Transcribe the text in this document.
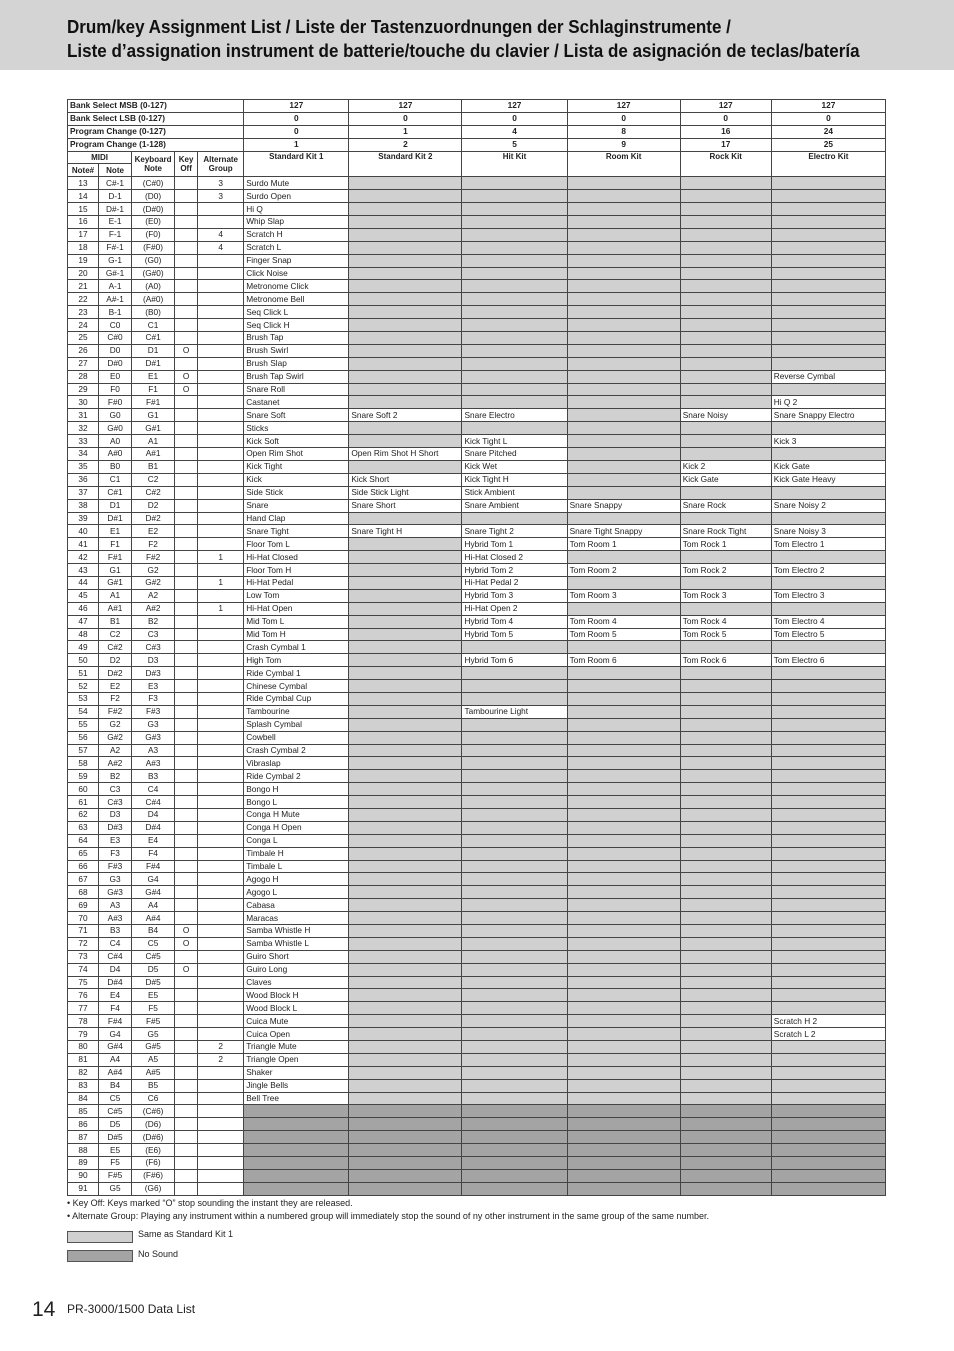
Drum/key Assignment List / Liste der Tastenzuordnungen der Schlaginstrumente /
Liste d’assignation instrument de batterie/touche du clavier / Lista de asignación de teclas/batería
Bank Select MSB (0-127)					127	127	127	127	127	127
Bank Select LSB (0-127)					0	0	0	0	0	0
Program Change (0-127)					0	1	4	8	16	24
Program Change (1-128)					1	2	5	9	17	25
MIDI		Keyboard Note	Key Off	Alternate Group	Standard Kit 1	Standard Kit 2	Hit Kit	Room Kit	Rock Kit	Electro Kit
Note#	Note									
13	C#-1	(C#0)		3	Surdo Mute					
14	D-1	(D0)		3	Surdo Open					
15	D#-1	(D#0)			Hi Q					
16	E-1	(E0)			Whip Slap					
17	F-1	(F0)		4	Scratch H					
18	F#-1	(F#0)		4	Scratch L					
19	G-1	(G0)			Finger Snap					
20	G#-1	(G#0)			Click Noise					
21	A-1	(A0)			Metronome Click					
22	A#-1	(A#0)			Metronome Bell					
23	B-1	(B0)			Seq Click L					
24	C0	C1			Seq Click H					
25	C#0	C#1			Brush Tap					
26	D0	D1	O		Brush Swirl					
27	D#0	D#1			Brush Slap					
28	E0	E1	O		Brush Tap Swirl					Reverse Cymbal
29	F0	F1	O		Snare Roll					
30	F#0	F#1			Castanet					Hi Q 2
31	G0	G1			Snare Soft	Snare Soft 2	Snare Electro		Snare Noisy	Snare Snappy Electro
32	G#0	G#1			Sticks					
33	A0	A1			Kick Soft		Kick Tight L			Kick 3
34	A#0	A#1			Open Rim Shot	Open Rim Shot H Short	Snare Pitched			
35	B0	B1			Kick Tight		Kick Wet		Kick 2	Kick Gate
36	C1	C2			Kick	Kick Short	Kick Tight H		Kick Gate	Kick Gate Heavy
37	C#1	C#2			Side Stick	Side Stick Light	Stick Ambient			
38	D1	D2			Snare	Snare Short	Snare Ambient	Snare Snappy	Snare Rock	Snare Noisy 2
39	D#1	D#2			Hand Clap					
40	E1	E2			Snare Tight	Snare Tight H	Snare Tight 2	Snare Tight Snappy	Snare Rock Tight	Snare Noisy 3
41	F1	F2			Floor Tom L		Hybrid Tom 1	Tom Room 1	Tom Rock 1	Tom Electro 1
42	F#1	F#2		1	Hi-Hat Closed		Hi-Hat Closed 2			
43	G1	G2			Floor Tom H		Hybrid Tom 2	Tom Room 2	Tom Rock 2	Tom Electro 2
44	G#1	G#2		1	Hi-Hat Pedal		Hi-Hat Pedal 2			
45	A1	A2			Low Tom		Hybrid Tom 3	Tom Room 3	Tom Rock 3	Tom Electro 3
46	A#1	A#2		1	Hi-Hat Open		Hi-Hat Open 2			
47	B1	B2			Mid Tom L		Hybrid Tom 4	Tom Room 4	Tom Rock 4	Tom Electro 4
48	C2	C3			Mid Tom H		Hybrid Tom 5	Tom Room 5	Tom Rock 5	Tom Electro 5
49	C#2	C#3			Crash Cymbal 1					
50	D2	D3			High Tom		Hybrid Tom 6	Tom Room 6	Tom Rock 6	Tom Electro 6
51	D#2	D#3			Ride Cymbal 1					
52	E2	E3			Chinese Cymbal					
53	F2	F3			Ride Cymbal Cup					
54	F#2	F#3			Tambourine		Tambourine Light			
55	G2	G3			Splash Cymbal					
56	G#2	G#3			Cowbell					
57	A2	A3			Crash Cymbal 2					
58	A#2	A#3			Vibraslap					
59	B2	B3			Ride Cymbal 2					
60	C3	C4			Bongo H					
61	C#3	C#4			Bongo L					
62	D3	D4			Conga H Mute					
63	D#3	D#4			Conga H Open					
64	E3	E4			Conga L					
65	F3	F4			Timbale H					
66	F#3	F#4			Timbale L					
67	G3	G4			Agogo H					
68	G#3	G#4			Agogo L					
69	A3	A4			Cabasa					
70	A#3	A#4			Maracas					
71	B3	B4	O		Samba Whistle H					
72	C4	C5	O		Samba Whistle L					
73	C#4	C#5			Guiro Short					
74	D4	D5	O		Guiro Long					
75	D#4	D#5			Claves					
76	E4	E5			Wood Block H					
77	F4	F5			Wood Block L					
78	F#4	F#5			Cuica Mute					Scratch H 2
79	G4	G5			Cuica Open					Scratch L 2
80	G#4	G#5		2	Triangle Mute					
81	A4	A5		2	Triangle Open					
82	A#4	A#5			Shaker					
83	B4	B5			Jingle Bells					
84	C5	C6			Bell Tree					
85	C#5	(C#6)								
86	D5	(D6)								
87	D#5	(D#6)								
88	E5	(E6)								
89	F5	(F6)								
90	F#5	(F#6)								
91	G5	(G6)								
• Key Off: Keys marked “O” stop sounding the instant they are released.
• Alternate Group: Playing any instrument within a numbered group will immediately stop the sound of ny other instrument in the same group of the same number.
Same as Standard Kit 1
No Sound
14 PR-3000/1500 Data List
